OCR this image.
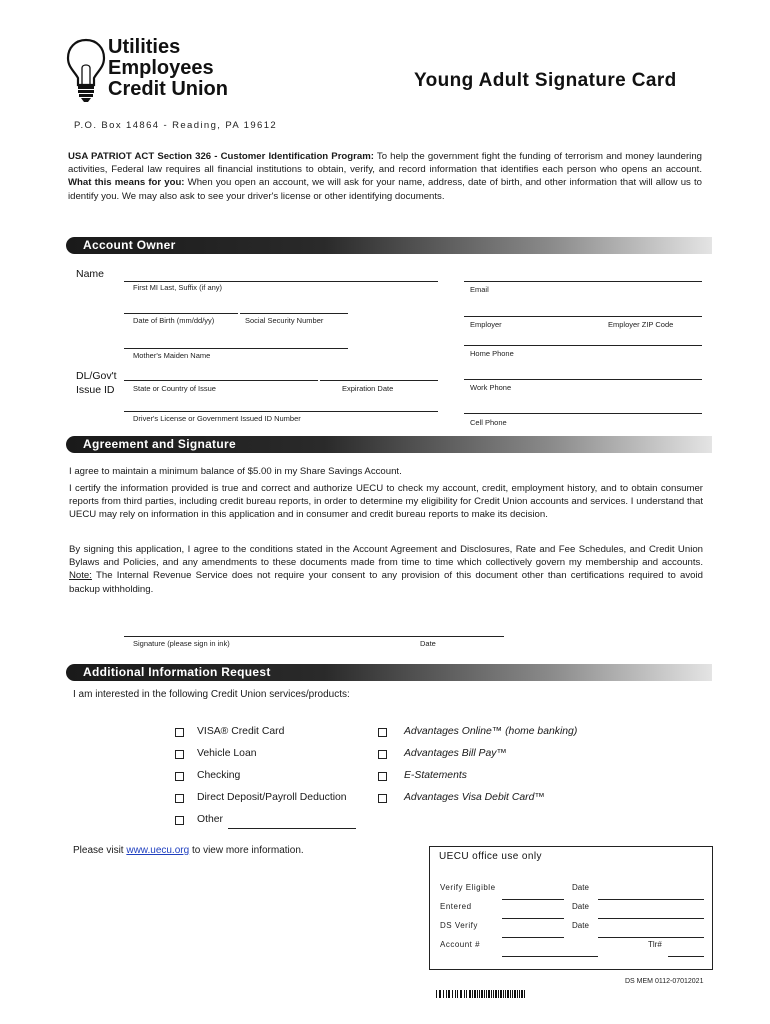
Utilities
Employees
Credit Union
P.O. Box 14864 - Reading, PA 19612
Young Adult Signature Card
USA PATRIOT ACT Section 326 - Customer Identification Program: To help the government fight the funding of terrorism and money laundering activities, Federal law requires all financial institutions to obtain, verify, and record information that identifies each person who opens an account. What this means for you: When you open an account, we will ask for your name, address, date of birth, and other information that will allow us to identify you. We may also ask to see your driver's license or other identifying documents.
Account Owner
Name
First MI Last, Suffix (if any)	Email
Date of Birth (mm/dd/yy)	Social Security Number	Employer	Employer ZIP Code
Mother's Maiden Name	Home Phone
DL/Gov't
Issue ID State or Country of Issue	Expiration Date	Work Phone
Driver's License or Government Issued ID Number	Cell Phone
Agreement and Signature
I agree to maintain a minimum balance of $5.00 in my Share Savings Account.
I certify the information provided is true and correct and authorize UECU to check my account, credit, employment history, and to obtain consumer reports from third parties, including credit bureau reports, in order to determine my eligibility for Credit Union accounts and services. I understand that UECU may rely on information in this application and in consumer and credit bureau reports to make its decision.
By signing this application, I agree to the conditions stated in the Account Agreement and Disclosures, Rate and Fee Schedules, and Credit Union Bylaws and Policies, and any amendments to these documents made from time to time which collectively govern my membership and accounts. Note: The Internal Revenue Service does not require your consent to any provision of this document other than certifications required to avoid backup withholding.
Signature (please sign in ink)	Date
Additional Information Request
I am interested in the following Credit Union services/products:
VISA® Credit Card
Vehicle Loan
Checking
Direct Deposit/Payroll Deduction
Other
Advantages Online™ (home banking)
Advantages Bill Pay™
E-Statements
Advantages Visa Debit Card™
Please visit www.uecu.org to view more information.
UECU office use only
Verify Eligible	Date
Entered	Date
DS Verify	Date
Account #	Tlr#
DS MEM 0112-07012021
